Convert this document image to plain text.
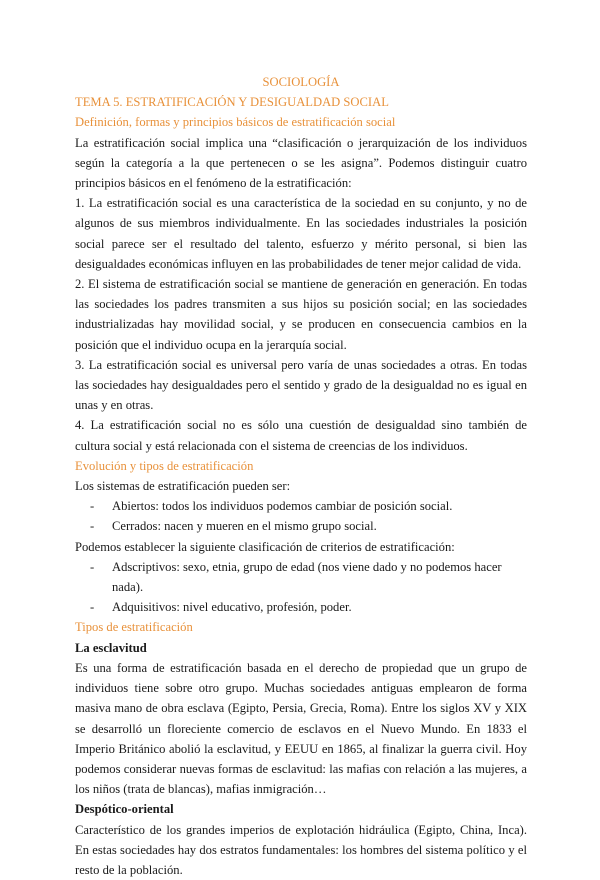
SOCIOLOGÍA
TEMA 5. ESTRATIFICACIÓN Y DESIGUALDAD SOCIAL
Definición, formas y principios básicos de estratificación social

La estratificación social implica una “clasificación o jerarquización de los individuos según la categoría a la que pertenecen o se les asigna”. Podemos distinguir cuatro principios básicos en el fenómeno de la estratificación:

1. La estratificación social es una característica de la sociedad en su conjunto, y no de algunos de sus miembros individualmente. En las sociedades industriales la posición social parece ser el resultado del talento, esfuerzo y mérito personal, si bien las desigualdades económicas influyen en las probabilidades de tener mejor calidad de vida.

2. El sistema de estratificación social se mantiene de generación en generación. En todas las sociedades los padres transmiten a sus hijos su posición social; en las sociedades industrializadas hay movilidad social, y se producen en consecuencia cambios en la posición que el individuo ocupa en la jerarquía social.

3. La estratificación social es universal pero varía de unas sociedades a otras. En todas las sociedades hay desigualdades pero el sentido y grado de la desigualdad no es igual en unas y en otras.

4. La estratificación social no es sólo una cuestión de desigualdad sino también de cultura social y está relacionada con el sistema de creencias de los individuos.

Evolución y tipos de estratificación

Los sistemas de estratificación pueden ser:

- Abiertos: todos los individuos podemos cambiar de posición social.
- Cerrados: nacen y mueren en el mismo grupo social.

Podemos establecer la siguiente clasificación de criterios de estratificación:

- Adscriptivos: sexo, etnia, grupo de edad (nos viene dado y no podemos hacer nada).
- Adquisitivos: nivel educativo, profesión, poder.
Tipos de estratificación
La esclavitud

Es una forma de estratificación basada en el derecho de propiedad que un grupo de individuos tiene sobre otro grupo. Muchas sociedades antiguas emplearon de forma masiva mano de obra esclava (Egipto, Persia, Grecia, Roma). Entre los siglos XV y XIX se desarrolló un floreciente comercio de esclavos en el Nuevo Mundo. En 1833 el Imperio Británico abolió la esclavitud, y EEUU en 1865, al finalizar la guerra civil. Hoy podemos considerar nuevas formas de esclavitud: las mafias con relación a las mujeres, a los niños (trata de blancas), mafias inmigración…

Despótico-oriental

Característico de los grandes imperios de explotación hidráulica (Egipto, China, Inca). En estas sociedades hay dos estratos fundamentales: los hombres del sistema político y el resto de la población.
